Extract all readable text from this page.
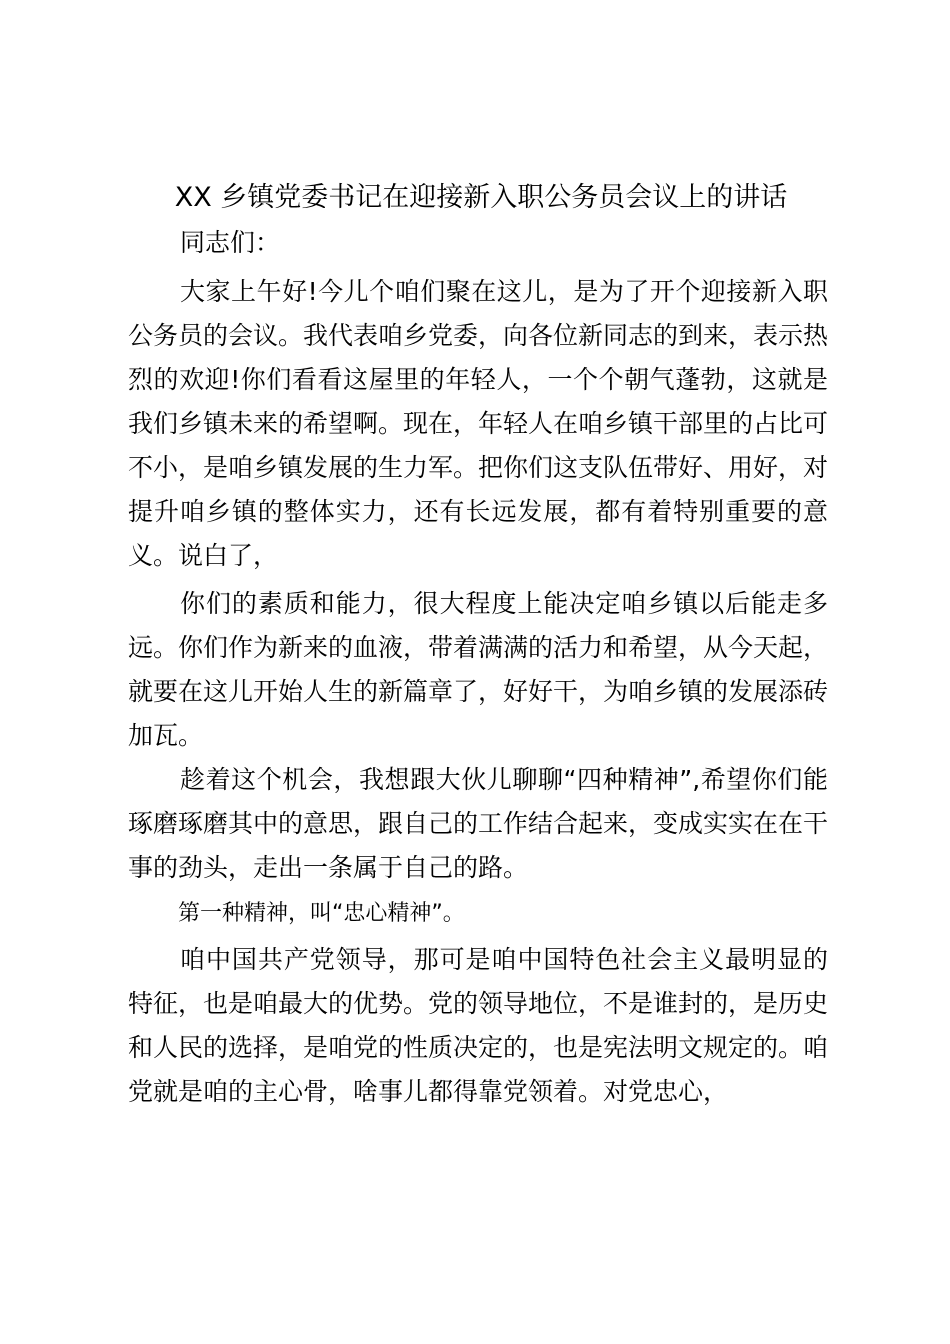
XX 乡镇党委书记在迎接新入职公务员会议上的讲话

同志们：

大家上午好!今儿个咱们聚在这儿，是为了开个迎接新入职公务员的会议。我代表咱乡党委，向各位新同志的到来，表示热烈的欢迎!你们看看这屋里的年轻人，一个个朝气蓬勃，这就是我们乡镇未来的希望啊。现在，年轻人在咱乡镇干部里的占比可不小，是咱乡镇发展的生力军。把你们这支队伍带好、用好，对提升咱乡镇的整体实力，还有长远发展，都有着特别重要的意义。说白了，

你们的素质和能力，很大程度上能决定咱乡镇以后能走多远。你们作为新来的血液，带着满满的活力和希望，从今天起，就要在这儿开始人生的新篇章了，好好干，为咱乡镇的发展添砖加瓦。

趁着这个机会，我想跟大伙儿聊聊“四种精神”,希望你们能琢磨琢磨其中的意思，跟自己的工作结合起来，变成实实在在干事的劲头，走出一条属于自己的路。

第一种精神，叫“忠心精神”。

咱中国共产党领导，那可是咱中国特色社会主义最明显的特征，也是咱最大的优势。党的领导地位，不是谁封的，是历史和人民的选择，是咱党的性质决定的，也是宪法明文规定的。咱党就是咱的主心骨，啥事儿都得靠党领着。对党忠心，
